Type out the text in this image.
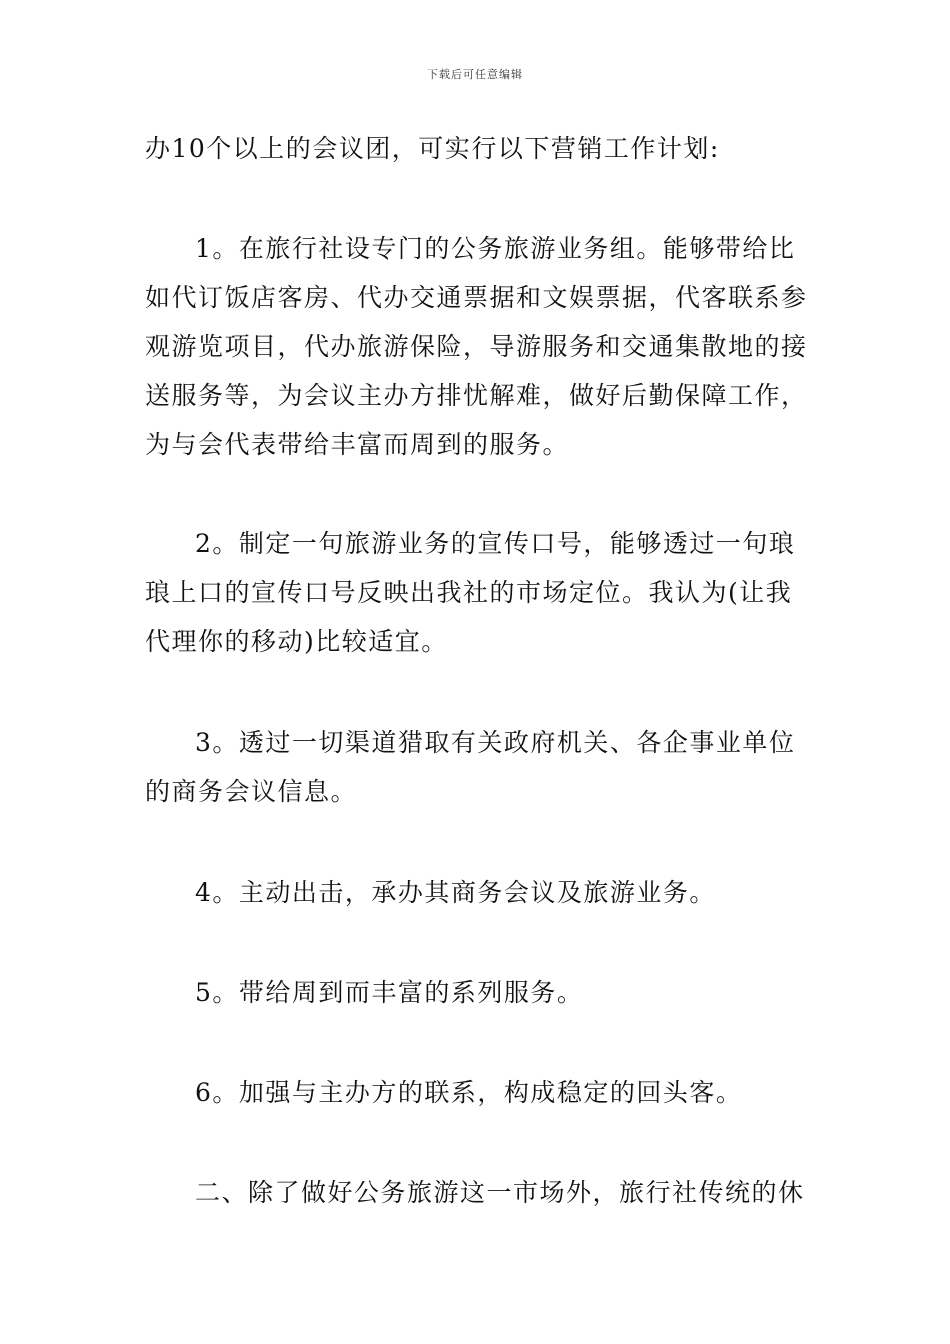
下载后可任意编辑

办10个以上的会议团，可实行以下营销工作计划:

1。在旅行社设专门的公务旅游业务组。能够带给比如代订饭店客房、代办交通票据和文娱票据，代客联系参观游览项目，代办旅游保险，导游服务和交通集散地的接送服务等，为会议主办方排忧解难，做好后勤保障工作，为与会代表带给丰富而周到的服务。

2。制定一句旅游业务的宣传口号，能够透过一句琅琅上口的宣传口号反映出我社的市场定位。我认为(让我代理你的移动)比较适宜。

3。透过一切渠道猎取有关政府机关、各企事业单位的商务会议信息。

4。主动出击，承办其商务会议及旅游业务。

5。带给周到而丰富的系列服务。

6。加强与主办方的联系，构成稳定的回头客。

二、除了做好公务旅游这一市场外，旅行社传统的休
